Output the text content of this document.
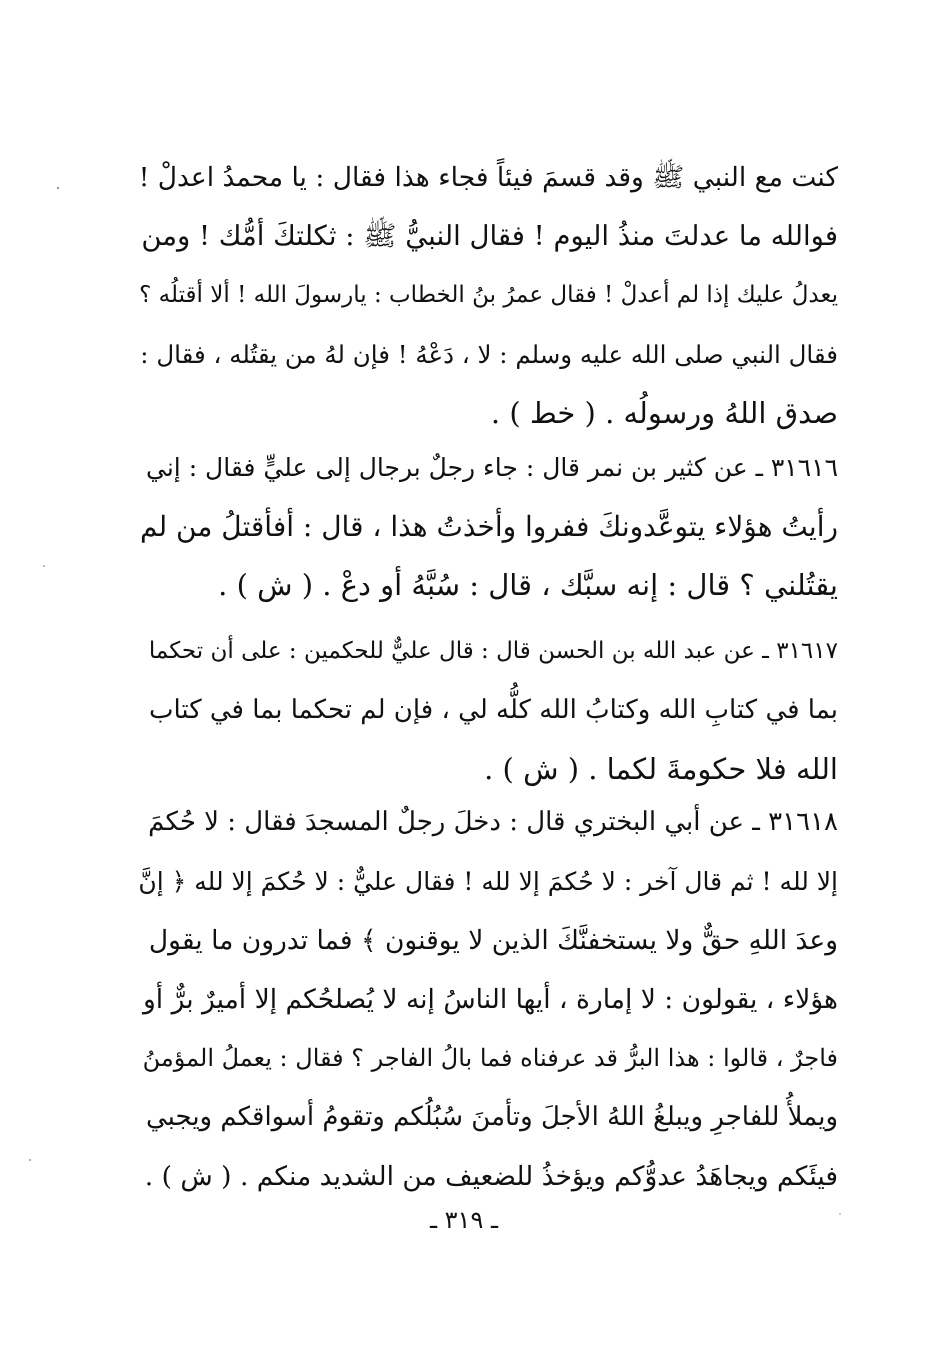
كنت مع النبي ﷺ وقد قسمَ فيئاً فجاء هذا فقال : يا محمدُ اعدلْ !
فوالله ما عدلتَ منذُ اليوم ! فقال النبيُّ ﷺ : ثكلتكَ أمُّك ! ومن
يعدلُ عليك إذا لم أعدلْ ! فقال عمرُ بنُ الخطاب : يارسولَ الله ! ألا أقتلُه ؟
فقال النبي صلى الله عليه وسلم : لا ، دَعْهُ ! فإن لهُ من يقتُله ، فقال :
صدق اللهُ ورسولُه . ( خط ) .
٣١٦١٦ ـ عن كثير بن نمر قال : جاء رجلٌ برجال إلى عليٍّ فقال : إني
رأيتُ هؤلاء يتوعَّدونكَ ففروا وأخذتُ هذا ، قال : أفأقتلُ من لم
يقتُلني ؟ قال : إنه سبَّك ، قال : سُبَّهُ أو دعْ . ( ش ) .
٣١٦١٧ ـ عن عبد الله بن الحسن قال : قال عليٌّ للحكمين : على أن تحكما
بما في كتابِ الله وكتابُ الله كلُّه لي ، فإن لم تحكما بما في كتاب
الله فلا حكومةَ لكما . ( ش ) .
٣١٦١٨ ـ عن أبي البختري قال : دخلَ رجلٌ المسجدَ فقال : لا حُكمَ
إلا لله ! ثم قال آخر : لا حُكمَ إلا لله ! فقال عليٌّ : لا حُكمَ إلا لله ﴿ إنَّ
وعدَ اللهِ حقٌّ ولا يستخفنَّكَ الذين لا يوقنون ﴾ فما تدرون ما يقول
هؤلاء ، يقولون : لا إمارة ، أيها الناسُ إنه لا يُصلحُكم إلا أميرٌ برٌّ أو
فاجرٌ ، قالوا : هذا البرُّ قد عرفناه فما بالُ الفاجر ؟ فقال : يعملُ المؤمنُ
ويملأُ للفاجرِ ويبلغُ اللهُ الأجلَ وتأمنَ سُبُلُكم وتقومُ أسواقكم ويجبي
فيئَكم ويجاهَدُ عدوُّكم ويؤخذُ للضعيف من الشديد منكم . ( ش ) .
ـ ٣١٩ ـ
